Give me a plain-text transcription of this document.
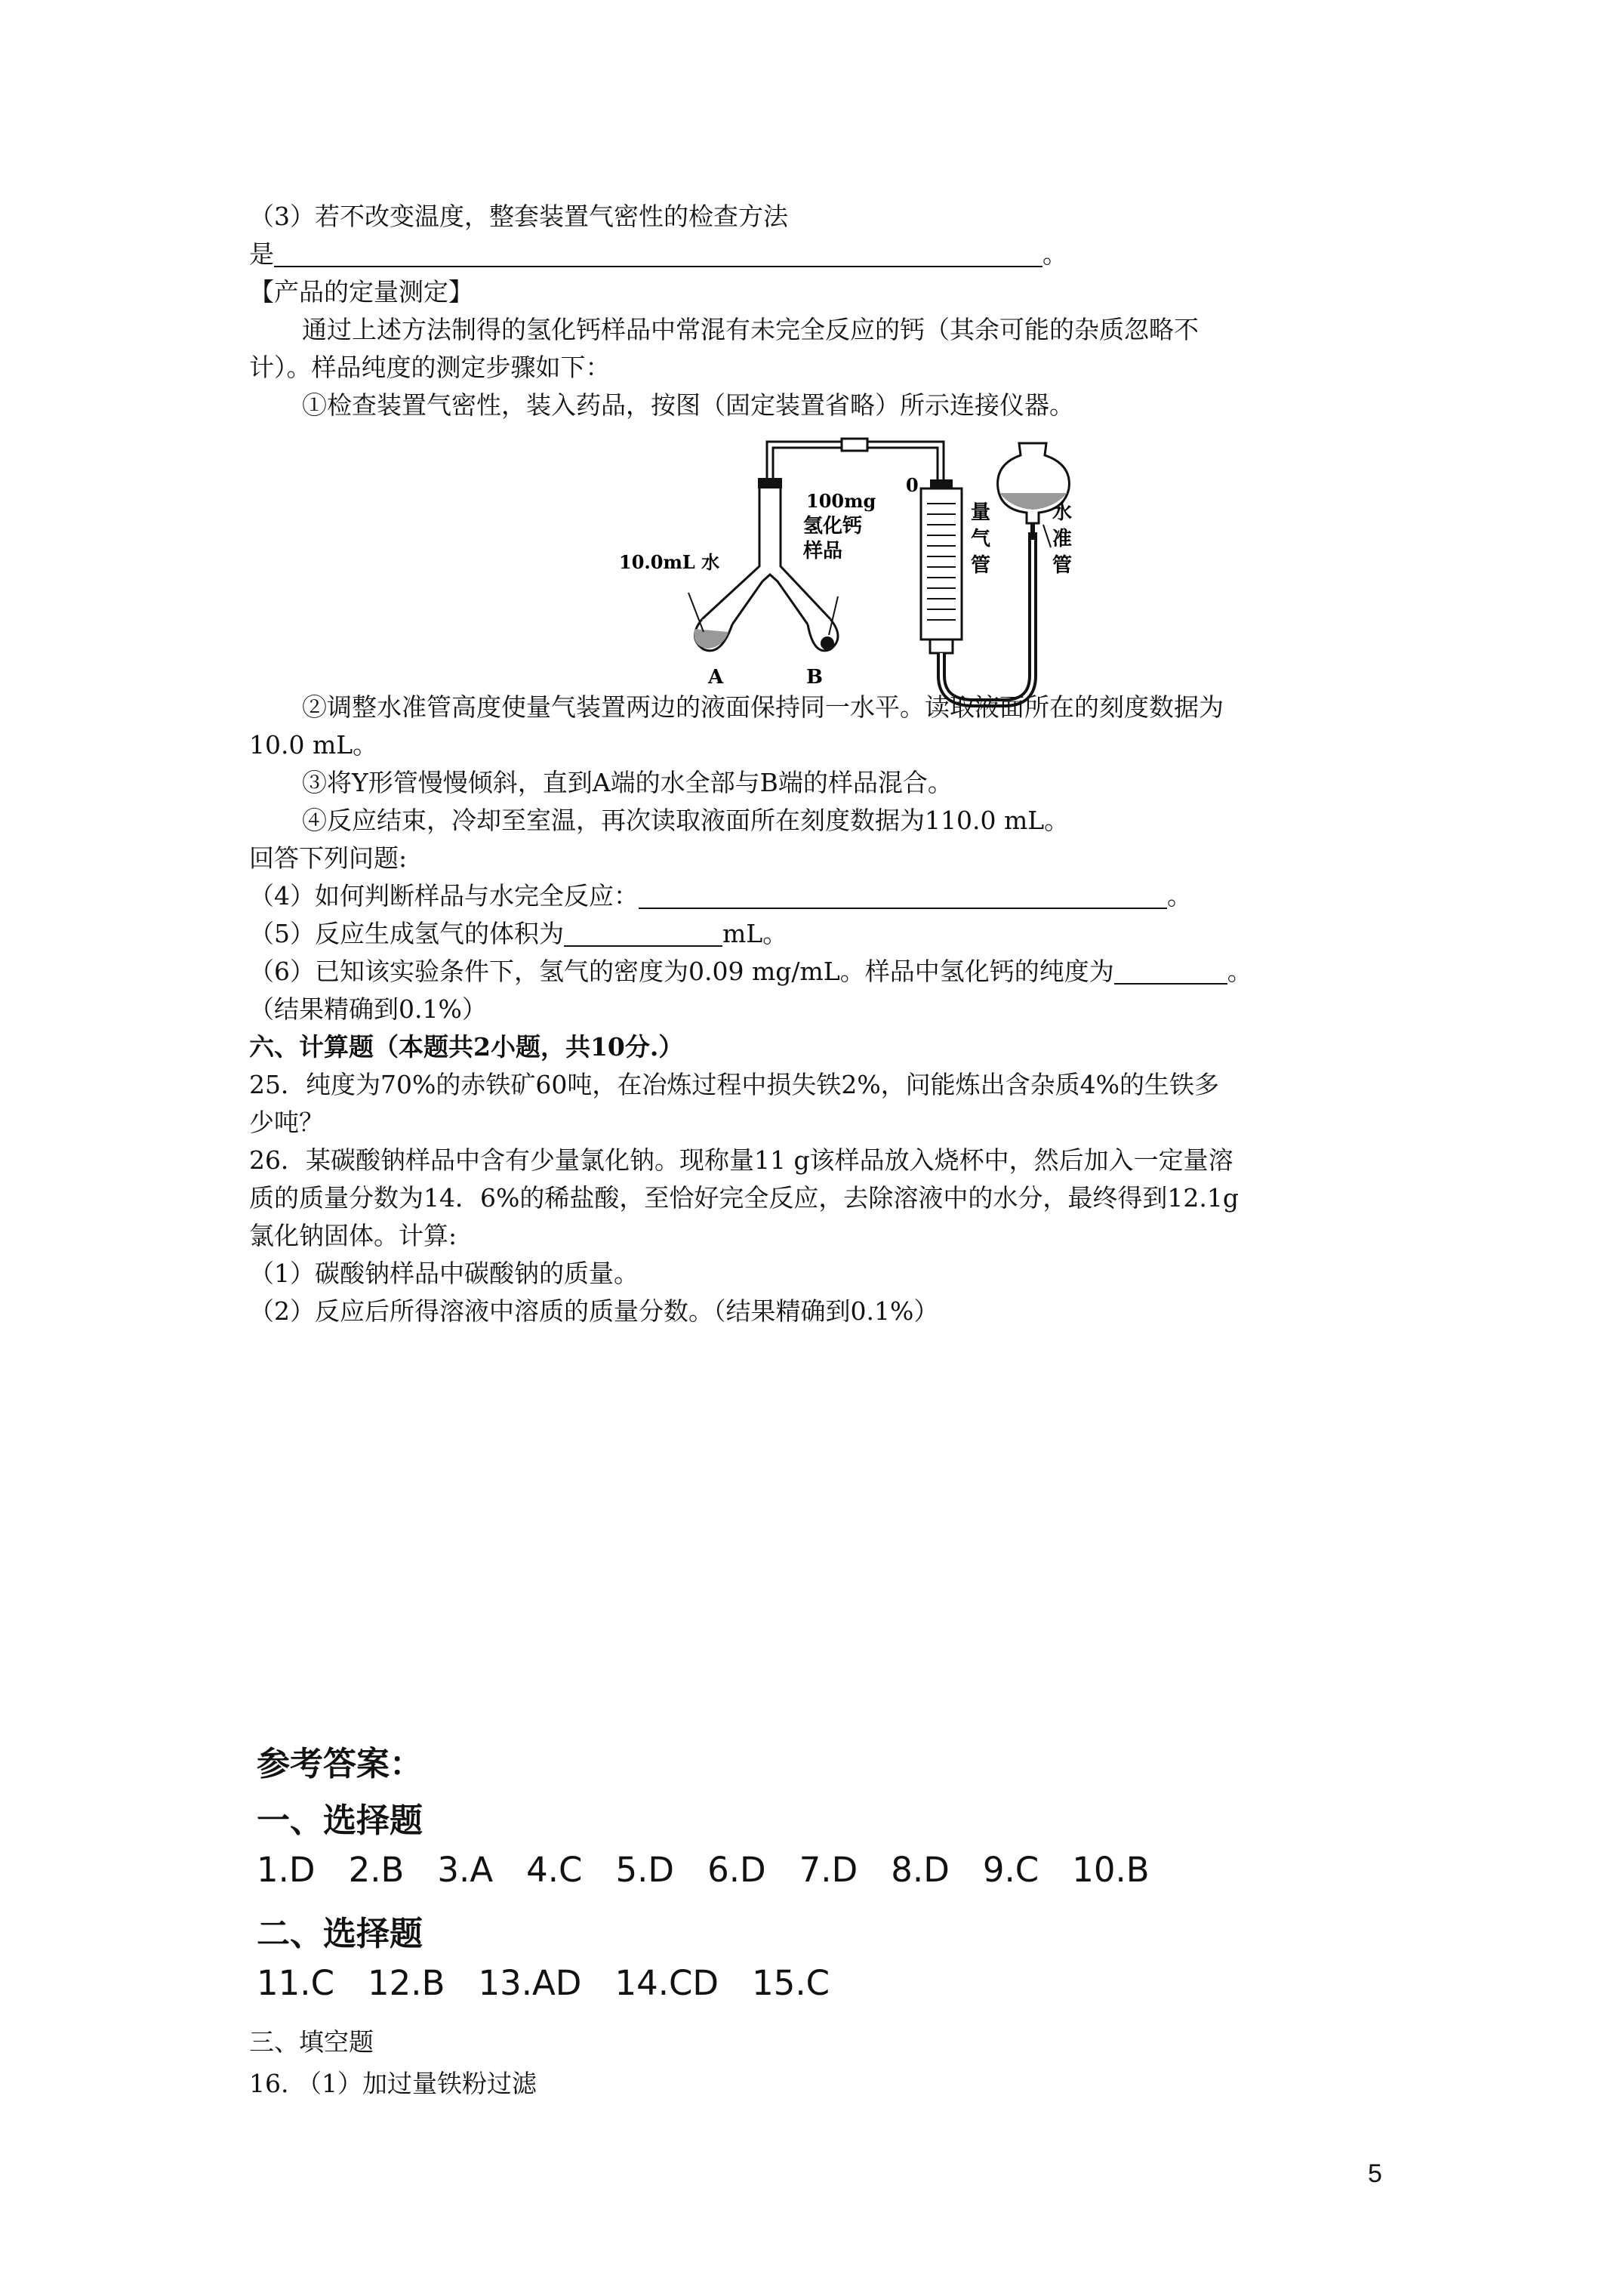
（3）若不改变温度，整套装置气密性的检查方法
是	。
【产品的定量测定】
通过上述方法制得的氢化钙样品中常混有未完全反应的钙（其余可能的杂质忽略不
计）。样品纯度的测定步骤如下：
①检查装置气密性，装入药品，按图（固定装置省略）所示连接仪器。
10.0mL 水
100mg
氢化钙
样品
A	B
0
量
气
管
水
准
管
②调整水准管高度使量气装置两边的液面保持同一水平。读取液面所在的刻度数据为
10.0 mL。
③将Y形管慢慢倾斜，直到A端的水全部与B端的样品混合。
④反应结束，冷却至室温，再次读取液面所在刻度数据为110.0 mL。
回答下列问题:
（4）如何判断样品与水完全反应：	。
（5）反应生成氢气的体积为	mL。
（6）已知该实验条件下，氢气的密度为0.09 mg/mL。样品中氢化钙的纯度为	。
（结果精确到0.1%）
六、计算题（本题共2小题，共10分.）
25．纯度为70%的赤铁矿60吨，在冶炼过程中损失铁2%，问能炼出含杂质4%的生铁多
少吨？
26．某碳酸钠样品中含有少量氯化钠。现称量11 g该样品放入烧杯中，然后加入一定量溶
质的质量分数为14．6%的稀盐酸，至恰好完全反应，去除溶液中的水分，最终得到12.1g
氯化钠固体。计算:
（1）碳酸钠样品中碳酸钠的质量。
（2）反应后所得溶液中溶质的质量分数。（结果精确到0.1%）
参考答案：
一、选择题
1.D 2.B 3.A 4.C 5.D 6.D 7.D 8.D 9.C 10.B
二、选择题
11.C 12.B 13.AD 14.CD 15.C
三、填空题
16. （1）加过量铁粉过滤
5
